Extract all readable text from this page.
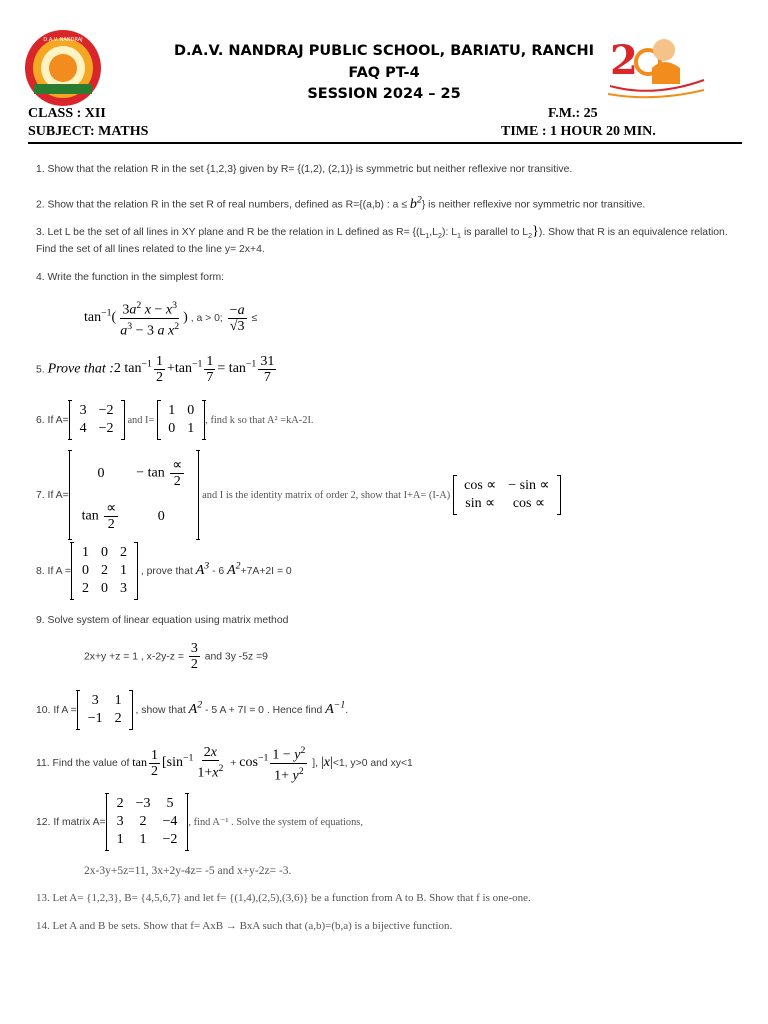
D.A.V. NANDRAJ
D.A.V. NANDRAJ PUBLIC SCHOOL, BARIATU, RANCHI
FAQ PT-4
SESSION 2024 – 25
2
CLASS : XII	F.M.: 25
SUBJECT: MATHS	TIME : 1 HOUR 20 MIN.
1. Show that the relation R in the set {1,2,3} given by R= {(1,2), (2,1)} is symmetric but neither reflexive nor transitive.
2. Show that the relation R in the set R of real numbers, defined as R={(a,b) : $a \le b^2$} is neither reflexive nor symmetric nor transitive.
3. Let L be the set of all lines in XY plane and R be the relation in L defined as $R= \{(L_1,L_2)$: $L_1$ is parallel to $L_2$}). Show that R is an equivalence relation.
Find the set of all lines related to the line y= 2x+4.
4. Write the function in the simplest form:
$\tan^{-1}( \frac{3a^2 x - x^3}{a^3 - 3 a x^2}$ ) , a > 0; $\frac{-a}{√3}$ ≤
5. Prove that :2 $\tan^{-1} \frac{1}{2} +\tan^{-1} \frac{1}{7} = \tan^{-1} \frac{31}{7}$
6. If A=
3	−2
4	−2
and I=
1	0
0	1
, find k so that A² =kA-2I.
7. If A=
0	− $\tan \frac{\propto}{2}$

$\tan \frac{\propto}{2}$	0
and I is the identity matrix of order 2, show that I+A= (I-A)
cos ∝	− sin ∝
sin ∝	cos ∝
8. If A =
1	0	2
0	2	1
2	0	3
, prove that $A^3 - 6$ $A^2+7A+2I = 0$
9. Solve system of linear equation using matrix method
2x+y +z = 1 , $x-2y-z = \frac{3}{2}$ and 3y -5z =9
10. If A =
3	1
−1	2
, show that $A^2 - 5$ A + 7I = 0 . Hence find $A^{-1}$.
11. Find the value of $\tan \frac{1}{2} [\sin^{-1} \frac{2x}{1+x^2} + \cos^{-1} \frac{1 - y^2}{1+ y^2}$ ], |x|<1, y>0 and xy<1
12. If matrix A=
2	−3	5
3	2	−4
1	1	−2
, find A⁻¹ . Solve the system of equations,
2x-3y+5z=11, 3x+2y-4z= -5 and x+y-2z= -3.
13. Let A= {1,2,3}, B= {4,5,6,7} and let f= {(1,4),(2,5),(3,6)} be a function from A to B. Show that f is one-one.
14. Let A and B be sets. Show that f= AxB → BxA such that (a,b)=(b,a) is a bijective function.
